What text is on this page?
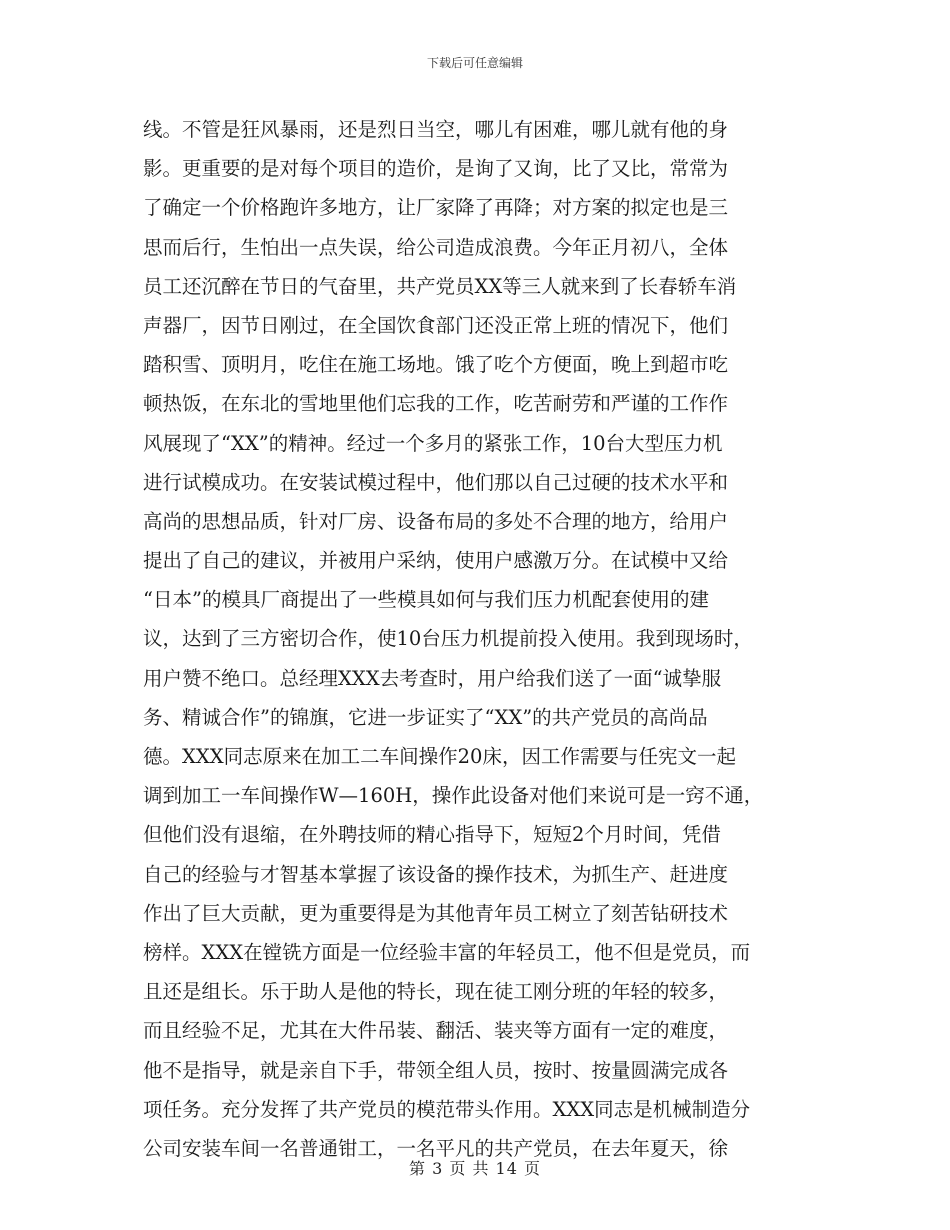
下载后可任意编辑
线。不管是狂风暴雨，还是烈日当空，哪儿有困难，哪儿就有他的身
影。更重要的是对每个项目的造价，是询了又询，比了又比，常常为
了确定一个价格跑许多地方，让厂家降了再降；对方案的拟定也是三
思而后行，生怕出一点失误，给公司造成浪费。今年正月初八，全体
员工还沉醉在节日的气奋里，共产党员XX等三人就来到了长春轿车消
声器厂，因节日刚过，在全国饮食部门还没正常上班的情况下，他们
踏积雪、顶明月，吃住在施工场地。饿了吃个方便面，晚上到超市吃
顿热饭，在东北的雪地里他们忘我的工作，吃苦耐劳和严谨的工作作
风展现了“XX”的精神。经过一个多月的紧张工作，10台大型压力机
进行试模成功。在安装试模过程中，他们那以自己过硬的技术水平和
高尚的思想品质，针对厂房、设备布局的多处不合理的地方，给用户
提出了自己的建议，并被用户采纳，使用户感激万分。在试模中又给
“日本”的模具厂商提出了一些模具如何与我们压力机配套使用的建
议，达到了三方密切合作，使10台压力机提前投入使用。我到现场时，
用户赞不绝口。总经理XXX去考查时，用户给我们送了一面“诚挚服
务、精诚合作”的锦旗，它进一步证实了“XX”的共产党员的高尚品
德。XXX同志原来在加工二车间操作20床，因工作需要与任宪文一起
调到加工一车间操作W—160H，操作此设备对他们来说可是一窍不通，
但他们没有退缩，在外聘技师的精心指导下，短短2个月时间，凭借
自己的经验与才智基本掌握了该设备的操作技术，为抓生产、赶进度
作出了巨大贡献，更为重要得是为其他青年员工树立了刻苦钻研技术
榜样。XXX在镗铣方面是一位经验丰富的年轻员工，他不但是党员，而
且还是组长。乐于助人是他的特长，现在徒工刚分班的年轻的较多，
而且经验不足，尤其在大件吊装、翻活、装夹等方面有一定的难度，
他不是指导，就是亲自下手，带领全组人员，按时、按量圆满完成各
项任务。充分发挥了共产党员的模范带头作用。XXX同志是机械制造分
公司安装车间一名普通钳工，一名平凡的共产党员，在去年夏天，徐
第 3 页 共 14 页
